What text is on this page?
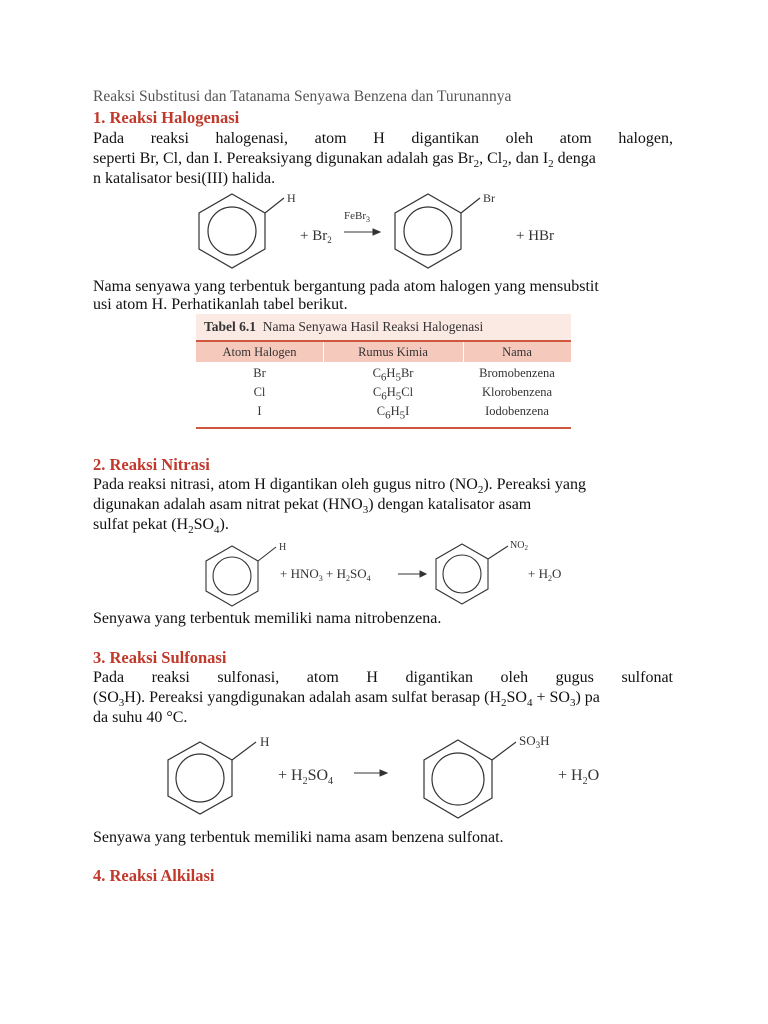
Reaksi Substitusi dan Tatanama Senyawa Benzena dan Turunannya
1. Reaksi Halogenasi
Pada reaksi halogenasi, atom H digantikan oleh atom halogen,
seperti Br, Cl, dan I. Pereaksiyang digunakan adalah gas $Br_2$, $Cl_2$, dan $I_2$ denga
n katalisator besi(III) halida.
H
FeBr$_3$
+ $Br_2$
Br
+ HBr
Nama senyawa yang terbentuk bergantung pada atom halogen yang mensubstit
usi atom H. Perhatikanlah tabel berikut.
Tabel 6.1 Nama Senyawa Hasil Reaksi Halogenasi
Atom Halogen	Rumus Kimia	Nama
Br	$C_6H_5Br$	Bromobenzena
Cl	$C_6H_5Cl$	Klorobenzena
I	$C_6H_5I$	Iodobenzena
2. Reaksi Nitrasi
Pada reaksi nitrasi, atom H digantikan oleh gugus nitro $(NO_2)$. Pereaksi yang
digunakan adalah asam nitrat pekat $(HNO_3)$ dengan katalisator asam
sulfat pekat $(H_2SO_4)$.
H
+ $HNO_3 + H_2SO_4$
$NO_2$
+ $H_2O$
Senyawa yang terbentuk memiliki nama nitrobenzena.
3. Reaksi Sulfonasi
Pada reaksi sulfonasi, atom H digantikan oleh gugus sulfonat
$(SO_3H)$. Pereaksi yangdigunakan adalah asam sulfat berasap $(H_2SO_4 + SO_3)$ pa
da suhu 40 °C.
H
+ $H_2SO_4$
$SO_3H$
+ $H_2O$
Senyawa yang terbentuk memiliki nama asam benzena sulfonat.
4. Reaksi Alkilasi
